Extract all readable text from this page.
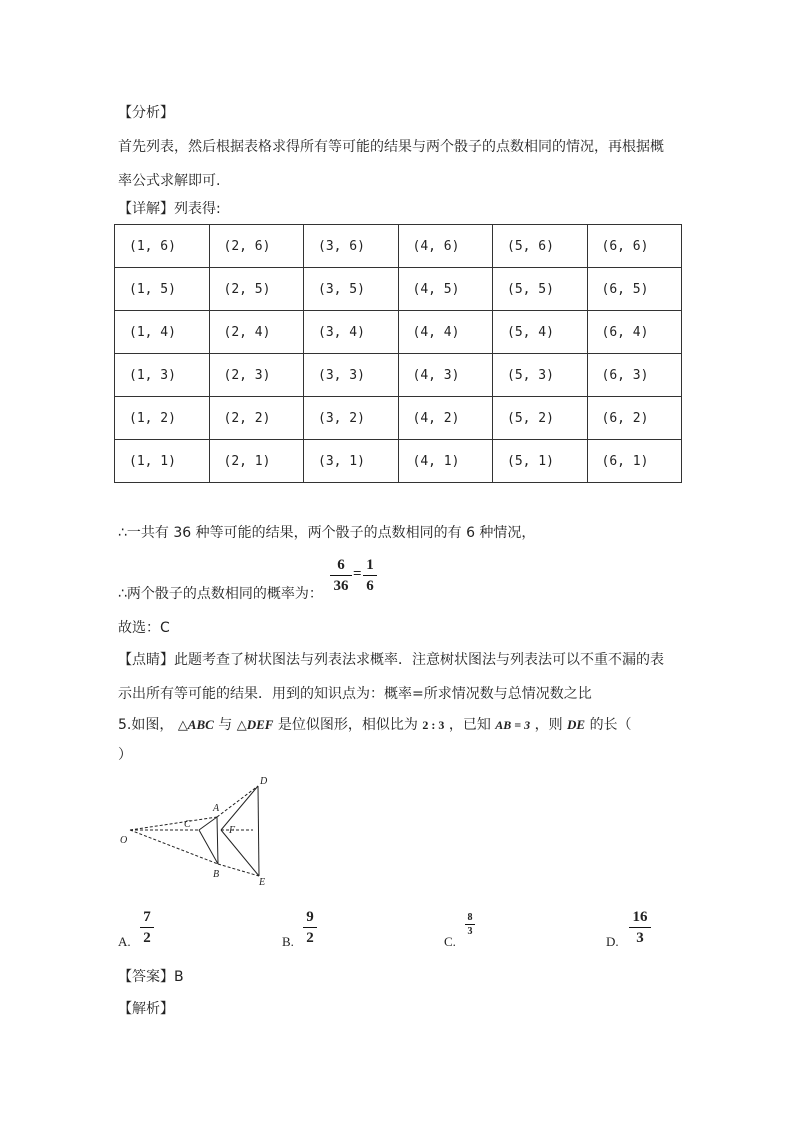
【分析】
首先列表，然后根据表格求得所有等可能的结果与两个骰子的点数相同的情况，再根据概
率公式求解即可.
【详解】列表得:
(1, 6)	(2, 6)	(3, 6)	(4, 6)	(5, 6)	(6, 6)
(1, 5)	(2, 5)	(3, 5)	(4, 5)	(5, 5)	(6, 5)
(1, 4)	(2, 4)	(3, 4)	(4, 4)	(5, 4)	(6, 4)
(1, 3)	(2, 3)	(3, 3)	(4, 3)	(5, 3)	(6, 3)
(1, 2)	(2, 2)	(3, 2)	(4, 2)	(5, 2)	(6, 2)
(1, 1)	(2, 1)	(3, 1)	(4, 1)	(5, 1)	(6, 1)
∴一共有 36 种等可能的结果，两个骰子的点数相同的有 6 种情况，
∴两个骰子的点数相同的概率为：
6
36
=
1
6
故选：C
【点睛】此题考查了树状图法与列表法求概率．注意树状图法与列表法可以不重不漏的表
示出所有等可能的结果．用到的知识点为：概率=所求情况数与总情况数之比
5.如图， △ABC 与 △DEF 是位似图形，相似比为 2 : 3 ，已知 AB = 3 ，则 DE 的长（
）
O
A
B
C
D
E
F
A.
7
2	B.
9
2	C.
8
3
D.
16
3
【答案】B
【解析】
